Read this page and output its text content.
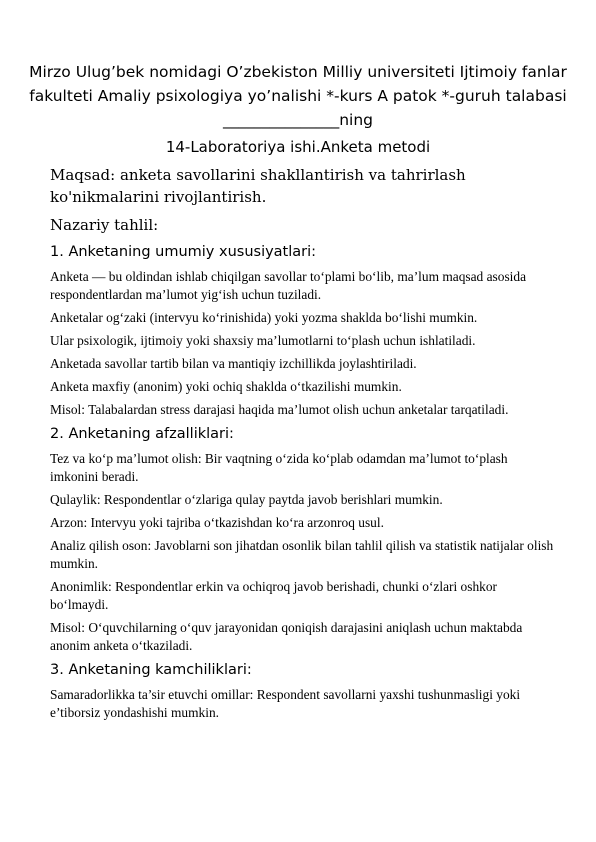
Mirzo Ulug’bek nomidagi O’zbekiston Milliy universiteti Ijtimoiy fanlar
fakulteti Amaliy psixologiya yo’nalishi *-kurs A patok *-guruh talabasi
_______________ning
14-Laboratoriya ishi.Anketa metodi

Maqsad: anketa savollarini shakllantirish va tahrirlash ko'nikmalarini rivojlantirish.

Nazariy tahlil:

1. Anketaning umumiy xususiyatlari:

Anketa — bu oldindan ishlab chiqilgan savollar to‘plami bo‘lib, ma’lum maqsad asosida respondentlardan ma’lumot yig‘ish uchun tuziladi.

Anketalar og‘zaki (intervyu ko‘rinishida) yoki yozma shaklda bo‘lishi mumkin.

Ular psixologik, ijtimoiy yoki shaxsiy ma’lumotlarni to‘plash uchun ishlatiladi.

Anketada savollar tartib bilan va mantiqiy izchillikda joylashtiriladi.

Anketa maxfiy (anonim) yoki ochiq shaklda o‘tkazilishi mumkin.

Misol: Talabalardan stress darajasi haqida ma’lumot olish uchun anketalar tarqatiladi.

2. Anketaning afzalliklari:

Tez va ko‘p ma’lumot olish: Bir vaqtning o‘zida ko‘plab odamdan ma’lumot to‘plash imkonini beradi.

Qulaylik: Respondentlar o‘zlariga qulay paytda javob berishlari mumkin.

Arzon: Intervyu yoki tajriba o‘tkazishdan ko‘ra arzonroq usul.

Analiz qilish oson: Javoblarni son jihatdan osonlik bilan tahlil qilish va statistik natijalar olish mumkin.

Anonimlik: Respondentlar erkin va ochiqroq javob berishadi, chunki o‘zlari oshkor bo‘lmaydi.

Misol: O‘quvchilarning o‘quv jarayonidan qoniqish darajasini aniqlash uchun maktabda anonim anketa o‘tkaziladi.

3. Anketaning kamchiliklari:

Samaradorlikka ta’sir etuvchi omillar: Respondent savollarni yaxshi tushunmasligi yoki e’tiborsiz yondashishi mumkin.
